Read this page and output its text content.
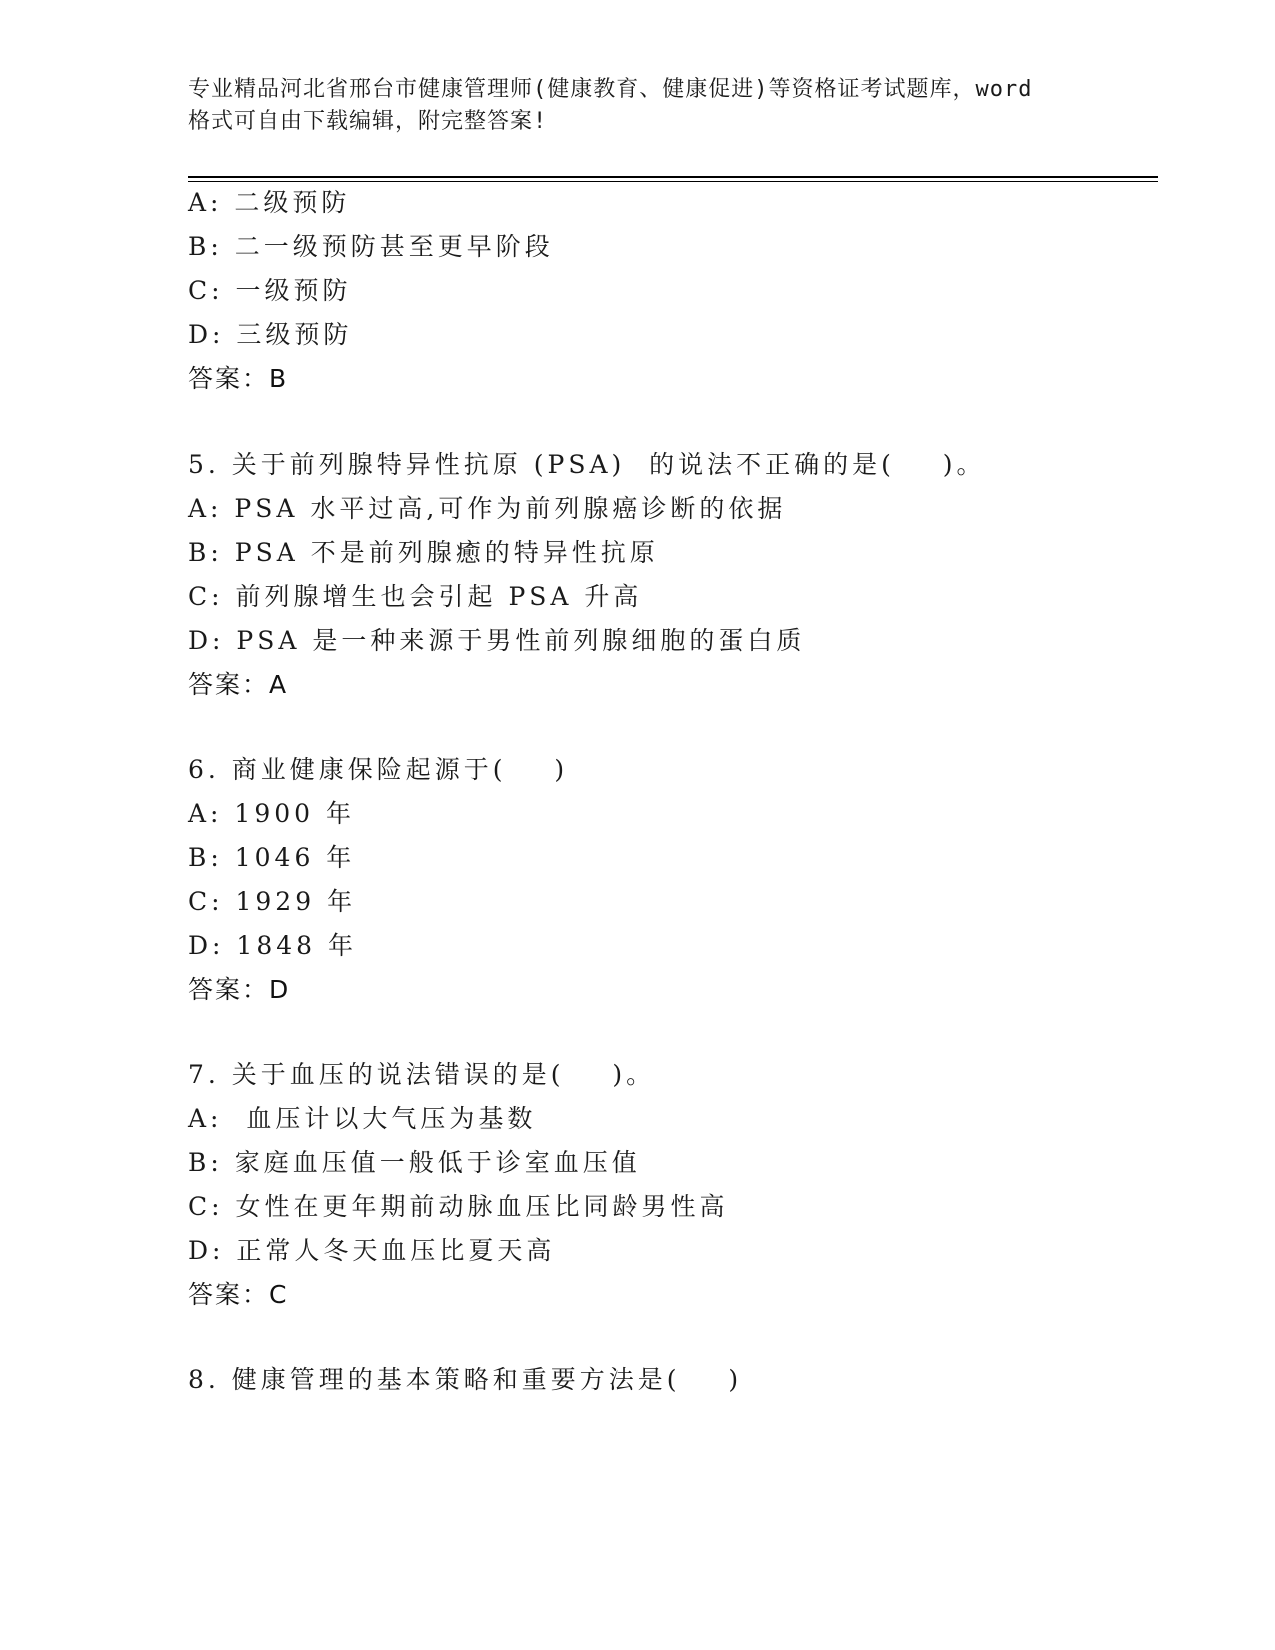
专业精品河北省邢台市健康管理师(健康教育、健康促进)等资格证考试题库，word
格式可自由下载编辑，附完整答案!
A: 二级预防
B: 二一级预防甚至更早阶段
C: 一级预防
D: 三级预防
答案：B
5. 关于前列腺特异性抗原 (PSA)  的说法不正确的是(    )。
A: PSA 水平过高,可作为前列腺癌诊断的依据
B: PSA 不是前列腺癒的特异性抗原
C: 前列腺增生也会引起 PSA 升高
D: PSA 是一种来源于男性前列腺细胞的蛋白质
答案：A
6. 商业健康保险起源于(    )
A: 1900 年
B: 1046 年
C: 1929 年
D: 1848 年
答案：D
7. 关于血压的说法错误的是(    )。
A:  血压计以大气压为基数
B: 家庭血压值一般低于诊室血压值
C: 女性在更年期前动脉血压比同龄男性高
D: 正常人冬天血压比夏天高
答案：C
8. 健康管理的基本策略和重要方法是(    )
